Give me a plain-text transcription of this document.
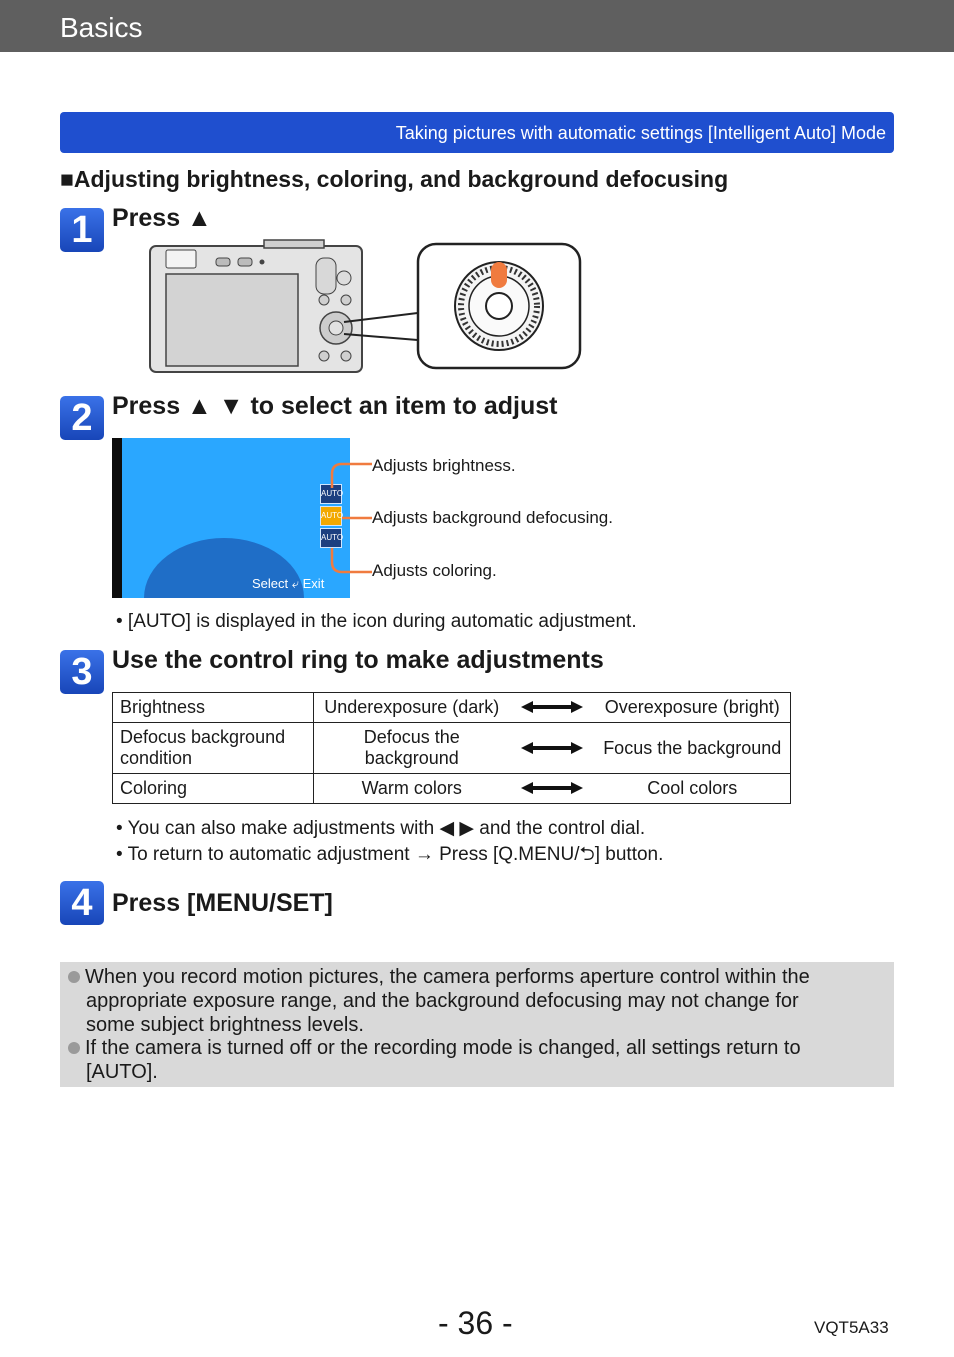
Basics
Taking pictures with automatic settings [Intelligent Auto] Mode
■Adjusting brightness, coloring, and background defocusing
1 Press ▲
2 Press ▲ ▼ to select an item to adjust
Select ⤶ Exit
AUTO
AUTO
AUTO
Adjusts brightness.
Adjusts background defocusing.
Adjusts coloring.
• [AUTO] is displayed in the icon during automatic adjustment.
3 Use the control ring to make adjustments
Brightness	Underexposure (dark)		Overexposure (bright)
Defocus background condition	Defocus the background		Focus the background
Coloring	Warm colors		Cool colors
• You can also make adjustments with ◀ ▶ and the control dial.
• To return to automatic adjustment → Press [Q.MENU/⮌] button.
4 Press [MENU/SET]
When you record motion pictures, the camera performs aperture control within the
appropriate exposure range, and the background defocusing may not change for
some subject brightness levels.
If the camera is turned off or the recording mode is changed, all settings return to
[AUTO].
- 36 -	VQT5A33
